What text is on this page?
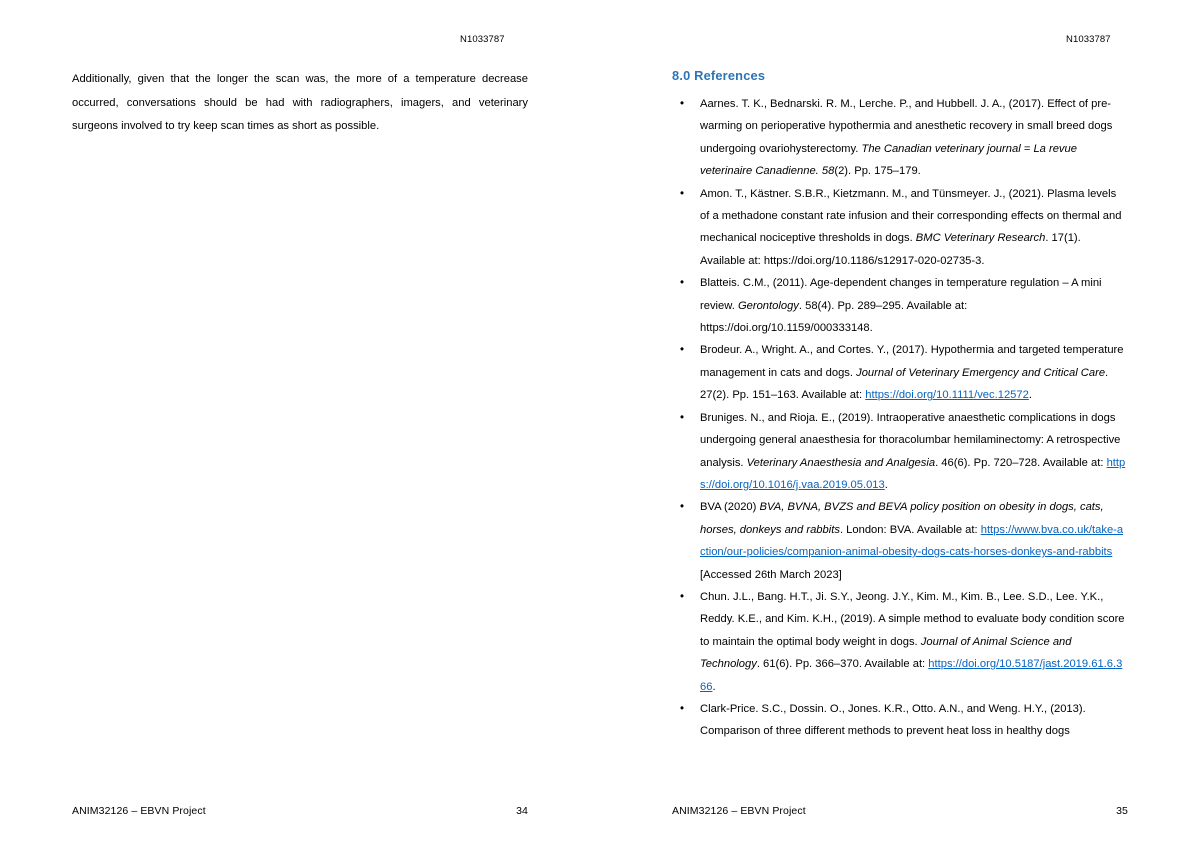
N1033787

Additionally, given that the longer the scan was, the more of a temperature decrease occurred, conversations should be had with radiographers, imagers, and veterinary surgeons involved to try keep scan times as short as possible.

ANIM32126 – EBVN Project	34
N1033787
8.0 References
• Aarnes. T. K., Bednarski. R. M., Lerche. P., and Hubbell. J. A., (2017). Effect of pre-warming on perioperative hypothermia and anesthetic recovery in small breed dogs undergoing ovariohysterectomy. The Canadian veterinary journal = La revue veterinaire Canadienne. 58(2). Pp. 175–179.
• Amon. T., Kästner. S.B.R., Kietzmann. M., and Tünsmeyer. J., (2021). Plasma levels of a methadone constant rate infusion and their corresponding effects on thermal and mechanical nociceptive thresholds in dogs. BMC Veterinary Research. 17(1). Available at: https://doi.org/10.1186/s12917-020-02735-3.
• Blatteis. C.M., (2011). Age-dependent changes in temperature regulation – A mini review. Gerontology. 58(4). Pp. 289–295. Available at: https://doi.org/10.1159/000333148.
• Brodeur. A., Wright. A., and Cortes. Y., (2017). Hypothermia and targeted temperature management in cats and dogs. Journal of Veterinary Emergency and Critical Care. 27(2). Pp. 151–163. Available at: https://doi.org/10.1111/vec.12572.
• Bruniges. N., and Rioja. E., (2019). Intraoperative anaesthetic complications in dogs undergoing general anaesthesia for thoracolumbar hemilaminectomy: A retrospective analysis. Veterinary Anaesthesia and Analgesia. 46(6). Pp. 720–728. Available at: https://doi.org/10.1016/j.vaa.2019.05.013.
• BVA (2020) BVA, BVNA, BVZS and BEVA policy position on obesity in dogs, cats, horses, donkeys and rabbits. London: BVA. Available at: https://www.bva.co.uk/take-action/our-policies/companion-animal-obesity-dogs-cats-horses-donkeys-and-rabbits [Accessed 26th March 2023]
• Chun. J.L., Bang. H.T., Ji. S.Y., Jeong. J.Y., Kim. M., Kim. B., Lee. S.D., Lee. Y.K., Reddy. K.E., and Kim. K.H., (2019). A simple method to evaluate body condition score to maintain the optimal body weight in dogs. Journal of Animal Science and Technology. 61(6). Pp. 366–370. Available at: https://doi.org/10.5187/jast.2019.61.6.366.
• Clark-Price. S.C., Dossin. O., Jones. K.R., Otto. A.N., and Weng. H.Y., (2013). Comparison of three different methods to prevent heat loss in healthy dogs
ANIM32126 – EBVN Project	35
